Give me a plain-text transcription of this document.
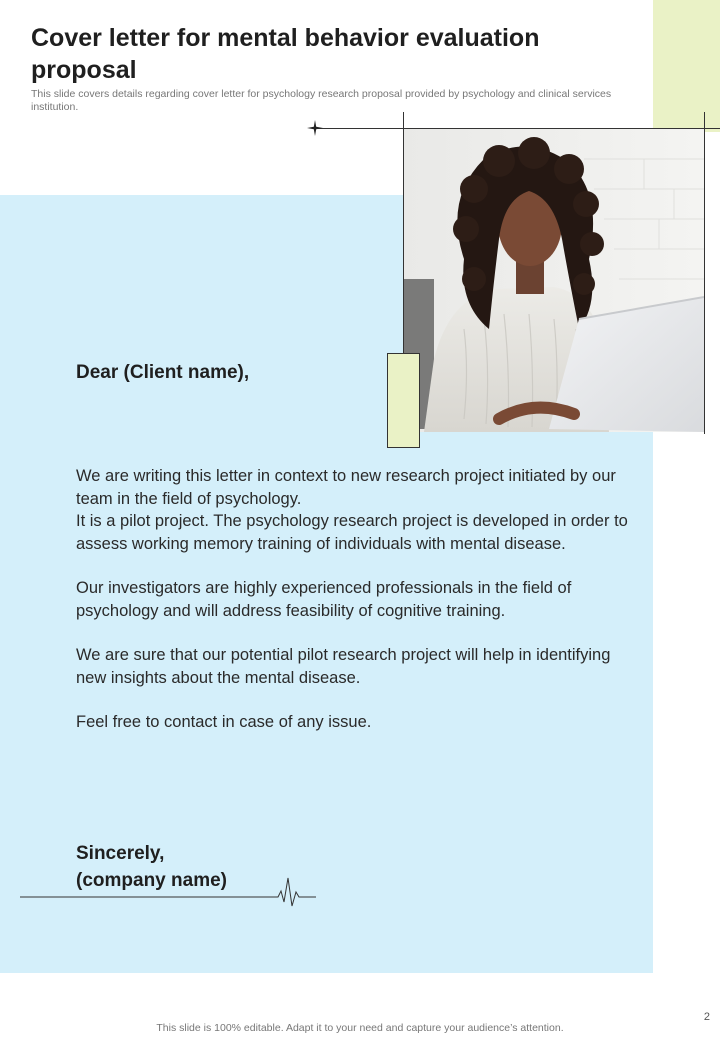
Cover letter for mental behavior evaluation proposal

This slide covers details regarding cover letter for psychology research proposal provided by psychology and clinical services institution.

Dear (Client name),

We are writing this letter in context to new research project initiated by our team in the field of psychology.
It is a pilot project. The psychology research project is developed in order to assess working memory training of individuals with mental disease.

Our investigators are highly experienced professionals in the field of psychology and will address feasibility of cognitive training.

We are sure that our potential pilot research project will help in identifying new insights about the mental disease.

Feel free to contact in case of any issue.

Sincerely,
(company name)
2
This slide is 100% editable. Adapt it to your need and capture your audience’s attention.
